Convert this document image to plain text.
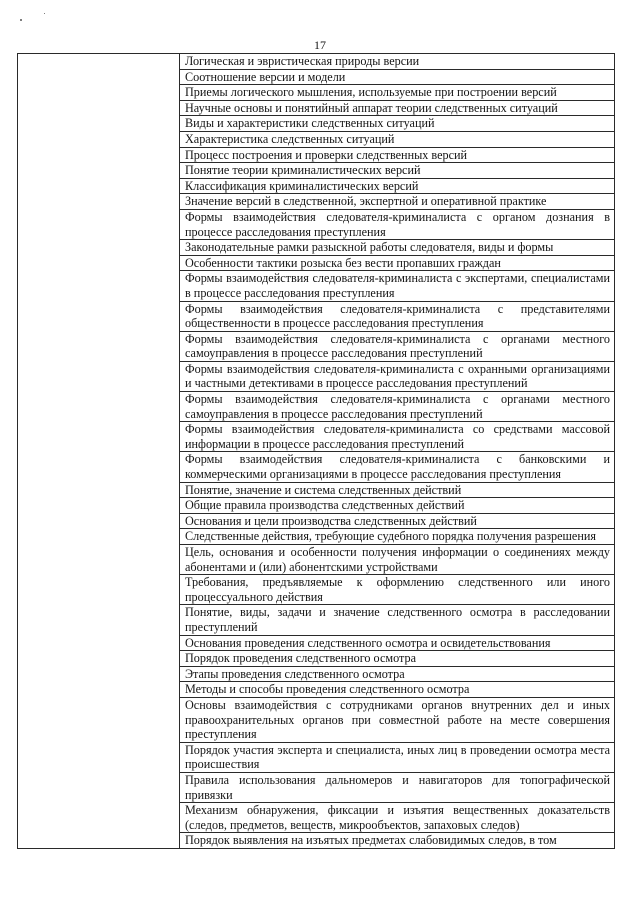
17
	Логическая и эвристическая природы версии
Соотношение версии и модели
Приемы логического мышления, используемые при построении версий
Научные основы и понятийный аппарат теории следственных ситуаций
Виды и характеристики следственных ситуаций
Характеристика следственных ситуаций
Процесс построения и проверки следственных версий
Понятие теории криминалистических версий
Классификация криминалистических версий
Значение версий в следственной, экспертной и оперативной практике
Формы взаимодействия следователя-криминалиста с органом дознания в процессе расследования преступления
Законодательные рамки разыскной работы следователя, виды и формы
Особенности тактики розыска без вести пропавших граждан
Формы взаимодействия следователя-криминалиста с экспертами, специалистами в процессе расследования преступления
Формы взаимодействия следователя-криминалиста с представителями общественности в процессе расследования преступления
Формы взаимодействия следователя-криминалиста с органами местного самоуправления в процессе расследования преступлений
Формы взаимодействия следователя-криминалиста с охранными организациями и частными детективами в процессе расследования преступлений
Формы взаимодействия следователя-криминалиста с органами местного самоуправления в процессе расследования преступлений
Формы взаимодействия следователя-криминалиста со средствами массовой информации в процессе расследования преступлений
Формы взаимодействия следователя-криминалиста с банковскими и коммерческими организациями в процессе расследования преступления
Понятие, значение и система следственных действий
Общие правила производства следственных действий
Основания и цели производства следственных действий
Следственные действия, требующие судебного порядка получения разрешения
Цель, основания и особенности получения информации о соединениях между абонентами и (или) абонентскими устройствами
Требования, предъявляемые к оформлению следственного или иного процессуального действия
Понятие, виды, задачи и значение следственного осмотра в расследовании преступлений
Основания проведения следственного осмотра и освидетельствования
Порядок проведения следственного осмотра
Этапы проведения следственного осмотра
Методы и способы проведения следственного осмотра
Основы взаимодействия с сотрудниками органов внутренних дел и иных правоохранительных органов при совместной работе на месте совершения преступления
Порядок участия эксперта и специалиста, иных лиц в проведении осмотра места происшествия
Правила использования дальномеров и навигаторов для топографической привязки
Механизм обнаружения, фиксации и изъятия вещественных доказательств (следов, предметов, веществ, микрообъектов, запаховых следов)
Порядок выявления на изъятых предметах слабовидимых следов, в том
